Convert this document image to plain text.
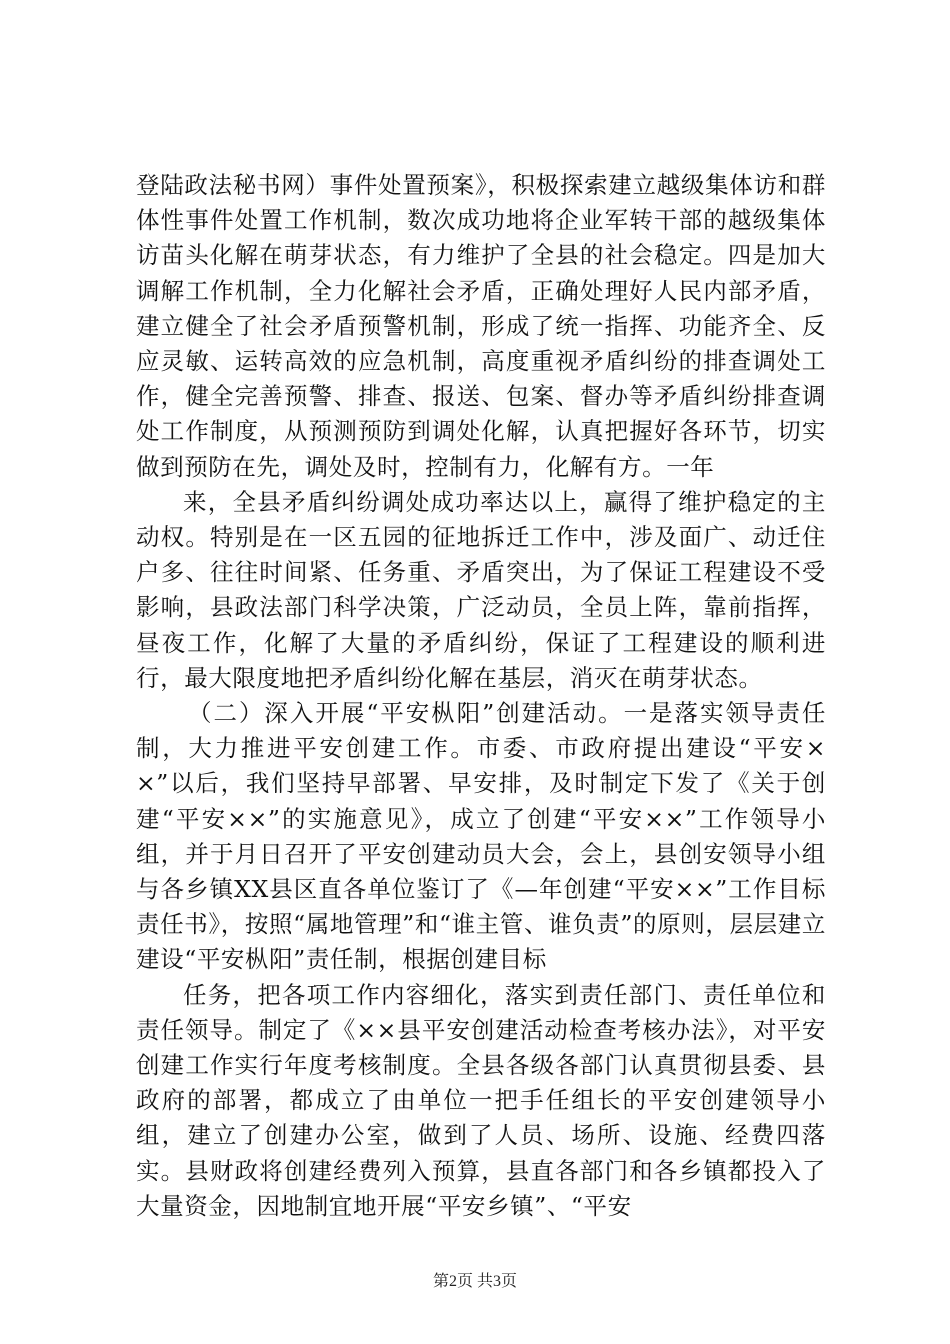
登陆政法秘书网）事件处置预案》，积极探索建立越级集体访和群体性事件处置工作机制，数次成功地将企业军转干部的越级集体访苗头化解在萌芽状态，有力维护了全县的社会稳定。四是加大调解工作机制，全力化解社会矛盾，正确处理好人民内部矛盾，建立健全了社会矛盾预警机制，形成了统一指挥、功能齐全、反应灵敏、运转高效的应急机制，高度重视矛盾纠纷的排查调处工作，健全完善预警、排查、报送、包案、督办等矛盾纠纷排查调处工作制度，从预测预防到调处化解，认真把握好各环节，切实做到预防在先，调处及时，控制有力，化解有方。一年

来，全县矛盾纠纷调处成功率达以上，赢得了维护稳定的主动权。特别是在一区五园的征地拆迁工作中，涉及面广、动迁住户多、往往时间紧、任务重、矛盾突出，为了保证工程建设不受影响，县政法部门科学决策，广泛动员，全员上阵，靠前指挥，昼夜工作，化解了大量的矛盾纠纷，保证了工程建设的顺利进行，最大限度地把矛盾纠纷化解在基层，消灭在萌芽状态。

（二）深入开展“平安枞阳”创建活动。一是落实领导责任制，大力推进平安创建工作。市委、市政府提出建设“平安××”以后，我们坚持早部署、早安排，及时制定下发了《关于创建“平安××”的实施意见》，成立了创建“平安××”工作领导小组，并于月日召开了平安创建动员大会，会上，县创安领导小组与各乡镇XX县区直各单位鉴订了《—年创建“平安××”工作目标责任书》，按照“属地管理”和“谁主管、谁负责”的原则，层层建立建设“平安枞阳”责任制，根据创建目标

任务，把各项工作内容细化，落实到责任部门、责任单位和责任领导。制定了《××县平安创建活动检查考核办法》，对平安创建工作实行年度考核制度。全县各级各部门认真贯彻县委、县政府的部署，都成立了由单位一把手任组长的平安创建领导小组，建立了创建办公室，做到了人员、场所、设施、经费四落实。县财政将创建经费列入预算，县直各部门和各乡镇都投入了大量资金，因地制宜地开展“平安乡镇”、“平安

第2页 共3页
